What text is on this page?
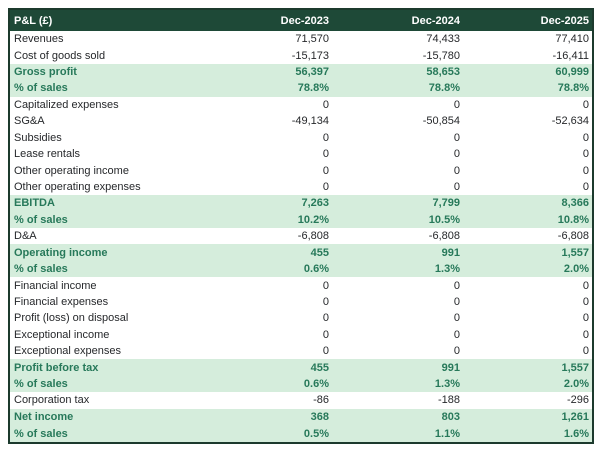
P&L (£)	Dec-2023	Dec-2024	Dec-2025
Revenues	71,570	74,433	77,410
Cost of goods sold	-15,173	-15,780	-16,411
Gross profit	56,397	58,653	60,999
% of sales	78.8%	78.8%	78.8%
Capitalized expenses	0	0	0
SG&A	-49,134	-50,854	-52,634
Subsidies	0	0	0
Lease rentals	0	0	0
Other operating income	0	0	0
Other operating expenses	0	0	0
EBITDA	7,263	7,799	8,366
% of sales	10.2%	10.5%	10.8%
D&A	-6,808	-6,808	-6,808
Operating income	455	991	1,557
% of sales	0.6%	1.3%	2.0%
Financial income	0	0	0
Financial expenses	0	0	0
Profit (loss) on disposal	0	0	0
Exceptional income	0	0	0
Exceptional expenses	0	0	0
Profit before tax	455	991	1,557
% of sales	0.6%	1.3%	2.0%
Corporation tax	-86	-188	-296
Net income	368	803	1,261
% of sales	0.5%	1.1%	1.6%
